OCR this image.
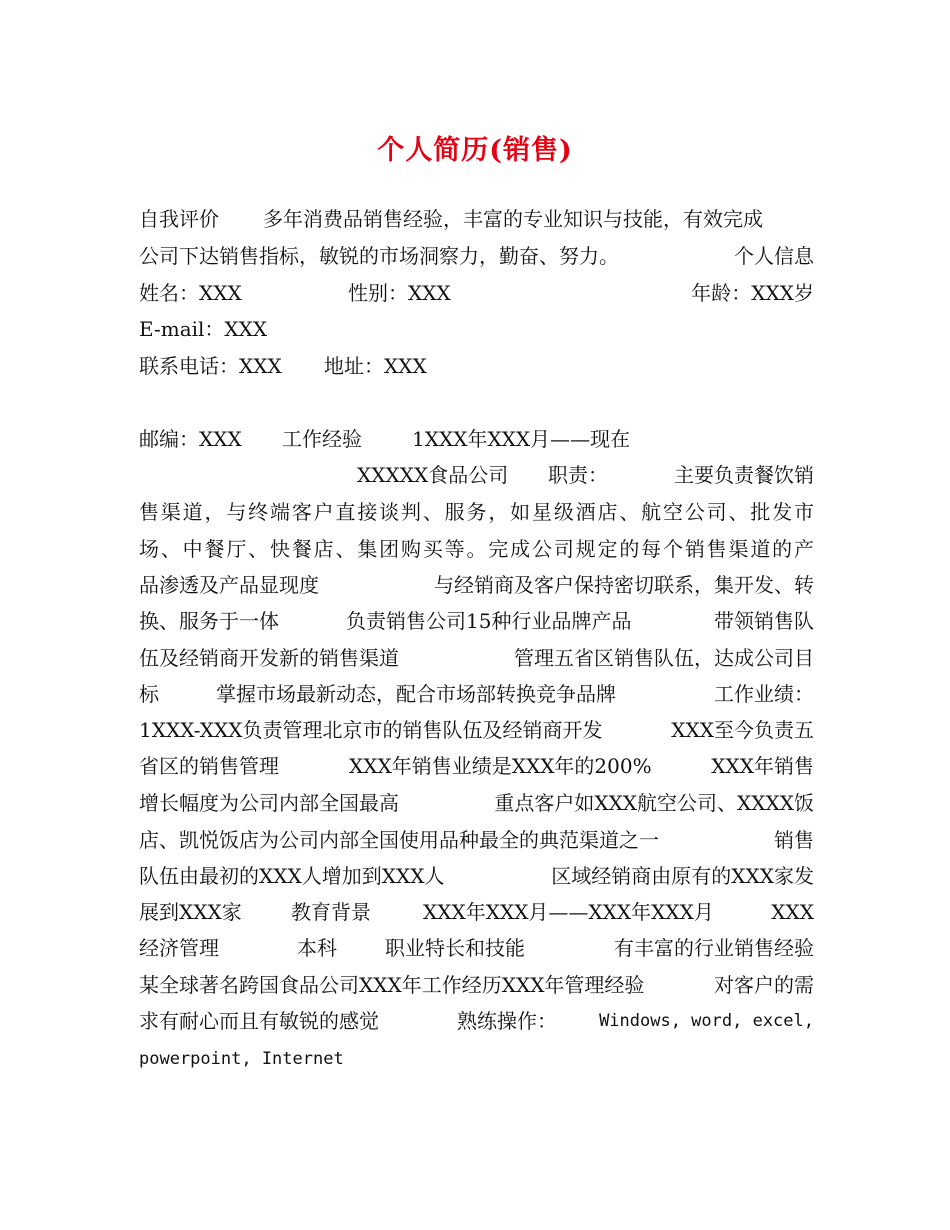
个人简历(销售)
自我评价 多年消费品销售经验，丰富的专业知识与技能，有效完成
公司下达销售指标，敏锐的市场洞察力，勤奋、努力。	个人信息
姓名：XXX	性别：XXX	年龄：XXX岁
E-mail：XXX
联系电话：XXX 地址：XXX
邮编：XXX 工作经验	1XXX年XXX月——现在
XXXXX食品公司 职责：	主要负责餐饮销
售渠道，与终端客户直接谈判、服务，如星级酒店、航空公司、批发市
场、中餐厅、快餐店、集团购买等。完成公司规定的每个销售渠道的产
品渗透及产品显现度	与经销商及客户保持密切联系，集开发、转
换、服务于一体	负责销售公司15种行业品牌产品	带领销售队
伍及经销商开发新的销售渠道	管理五省区销售队伍，达成公司目
标	掌握市场最新动态，配合市场部转换竞争品牌	工作业绩：
1XXX-XXX负责管理北京市的销售队伍及经销商开发	XXX至今负责五
省区的销售管理	XXX年销售业绩是XXX年的200%	XXX年销售
增长幅度为公司内部全国最高	重点客户如XXX航空公司、XXXX饭
店、凯悦饭店为公司内部全国使用品种最全的典范渠道之一	销售
队伍由最初的XXX人增加到XXX人	区域经销商由原有的XXX家发
展到XXX家 教育背景	XXX年XXX月——XXX年XXX月	XXX
经济管理	本科 职业特长和技能	有丰富的行业销售经验
某全球著名跨国食品公司XXX年工作经历XXX年管理经验	对客户的需
求有耐心而且有敏锐的感觉	熟练操作： Windows, word, excel,
powerpoint, Internet
